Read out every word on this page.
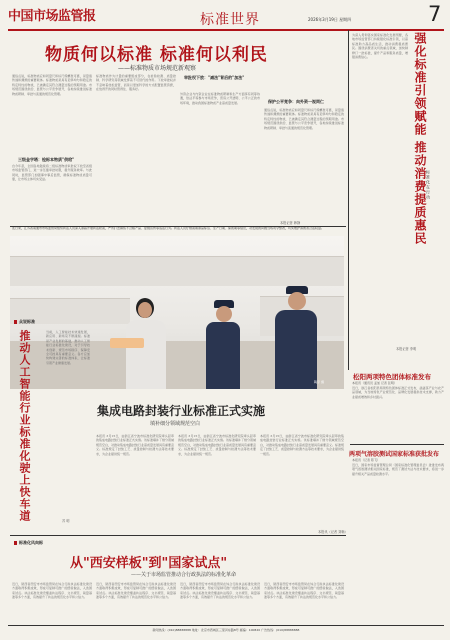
中国市场监管报	标准世界	2026年3月19日 星期四	7
物质何以标准 标准何以利民
——标准物质市场规范新观察
通俗点说，标准物质应如同量尺和标尺般精准可靠，是量值传递和溯源的重要载体。标准物质是具有足够均匀和稳定的特定特性的物质，已被确定其符合测量过程的预期用途。市场规范围绕供给、监管与公平竞争展开，各地持续推进标准物质研制、审批与流通的规范化管理。
三级金字塔：检标本物质"供给"
自今年起，全国各地陆续将二级标准物质审批权下放至省级市场监管部门，进一步压缩审批时限，提升服务效率。与此同时，监管部门加强事中事后监管，确保标准物质质量可靠，让市场主体切实受益。
标准物质作为计量的重要组成部分，在检验检测、质量控制、科学研究等领域发挥着不可替代的作用。下放审批权并不意味着放松监管，而是以更加科学的方式配置监管资源，在放得开的同时管得住、服务好。
审批权下放："减法"背后的"加法"
外资企业与内资企业在标准物质研制和生产方面享有同等待遇，依法平等参与市场竞争，营造公开透明、公平公正的市场环境，推动我国标准物质产业高质量发展。	保护公平竞争：向外资一视同仁
通俗点说，标准物质应如同量尺和标尺般精准可靠，是量值传递和溯源的重要载体。标准物质是具有足够均匀和稳定的特定特性的物质，已被确定其符合测量过程的预期用途。市场规范围绕供给、监管与公平竞争展开，各地持续推进标准物质研制、审批与流通的规范化管理。
本报记者 韩静
为深入贯彻落实国家标准化发展纲要，各地市场监管部门持续强化标准引领，以高标准助力高品质生活，推动消费提质惠民。围绕消费者关切的重点领域，加快制修订一批标准，提升产品和服务质量，增强消费信心。	强化标准引领赋能 推动消费提质惠民 标准化在行动
本报记者 李明
连日来，江苏省南通市市场监管局组织执法人员深入商超开展执法检查，严厉打击销售不合格产品、虚假宣传等违法行为。执法人员仔细查看商品标签、生产日期、保质期等信息，对发现的问题当场责令整改，切实维护消费者合法权益。
陶宇 摄
众说标准
推动人工智能行业标准化驶上快车道	当前，人工智能技术快速发展，新应用、新场景不断涌现。标准是产业发展的基础，推动人工智能行业标准化建设，对于引导技术创新、规范市场秩序、保障安全可控具有重要意义。各方应加快构建完善的标准体系，让标准引领产业健康发展。
苏 明
集成电路封装行业标准正式实施
填补细分领域规范空白
本报讯 3月15日，由浙江省宁波市标准化研究院牵头起草的集成电路封装行业标准正式实施。该标准填补了细分领域规范空白，对推动集成电路封装行业高质量发展具有重要意义。标准规定了封装工艺、质量控制与检测方法等技术要求，为企业提供统一规范。
本报讯 3月15日，由浙江省宁波市标准化研究院牵头起草的集成电路封装行业标准正式实施。该标准填补了细分领域规范空白，对推动集成电路封装行业高质量发展具有重要意义。标准规定了封装工艺、质量控制与检测方法等技术要求，为企业提供统一规范。
本报讯 3月15日，由浙江省宁波市标准化研究院牵头起草的集成电路封装行业标准正式实施。该标准填补了细分领域规范空白，对推动集成电路封装行业高质量发展具有重要意义。标准规定了封装工艺、质量控制与检测方法等技术要求，为企业提供统一规范。
本报讯（记者 刘畅）
松阳两项特色团体标准发布
本报讯（通讯员 孟加 记者 张明）
近日，浙江省松阳县两项特色团体标准正式发布，涵盖茶产业与农产品领域，为当地特色产业规范化、品牌化发展提供技术支撑，助力产业提质增效和乡村振兴。
两项气溶胶测试国家标准获批发布
本报讯（记者 陈飞）
近日，国家市场监督管理总局（国家标准化管理委员会）批准发布两项气溶胶测试相关国家标准，规范了测试方法与技术要求，将进一步提升相关产品质量检测水平。
标准化风向标
从"西安样板"到"国家试点"
——关于市场监管推动合行政执法的标准化革命
近日，陕西省西安市市场监管局在综合行政执法标准化建设方面取得积极成效，形成可复制可推广的经验做法，入选国家试点。执法标准化建设覆盖执法程序、文书规范、裁量基准等多个方面，有效提升了执法的规范化水平和公信力。
近日，陕西省西安市市场监管局在综合行政执法标准化建设方面取得积极成效，形成可复制可推广的经验做法，入选国家试点。执法标准化建设覆盖执法程序、文书规范、裁量基准等多个方面，有效提升了执法的规范化水平和公信力。
近日，陕西省西安市市场监管局在综合行政执法标准化建设方面取得积极成效，形成可复制可推广的经验做法，入选国家试点。执法标准化建设覆盖执法程序、文书规范、裁量基准等多个方面，有效提升了执法的规范化水平和公信力。
近日，陕西省西安市市场监管局在综合行政执法标准化建设方面取得积极成效，形成可复制可推广的经验做法，入选国家试点。执法标准化建设覆盖执法程序、文书规范、裁量基准等多个方面，有效提升了执法的规范化水平和公信力。
新闻热线：(010)88888888 地址：北京市西城区三里河东路8号 邮编：100820 广告热线：(010)88888888
